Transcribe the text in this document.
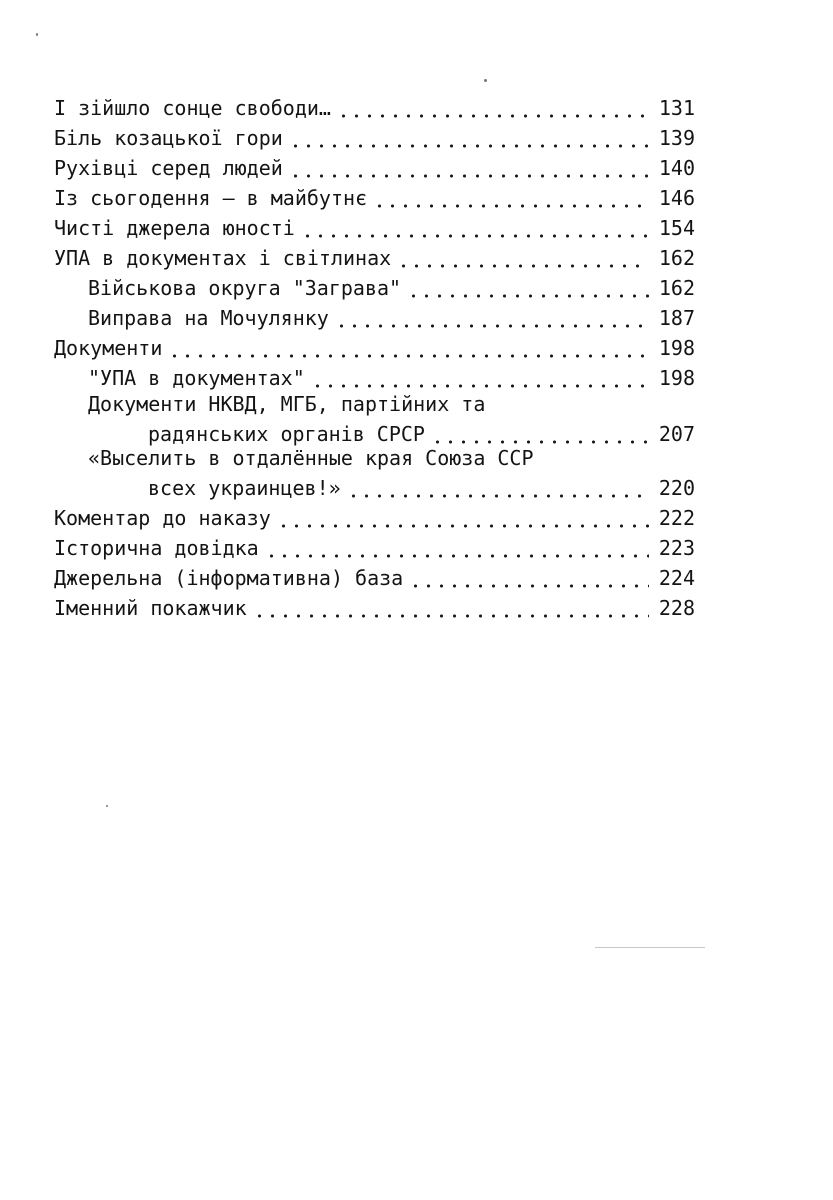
І зійшло сонце свободи…	131
Біль козацької гори	139
Рухівці серед людей	140
Із сьогодення — в майбутнє	146
Чисті джерела юності	154
УПА в документах і світлинах	162
Військова округа "Заграва"	162
Виправа на Мочулянку	187
Документи	198
"УПА в документах"	198
Документи НКВД, МГБ, партійних та
радянських органів СРСР	207
«Выселить в отдалённые края Союза ССР
всех украинцев!»	220
Коментар до наказу	222
Історична довідка	223
Джерельна (інформативна) база	224
Іменний покажчик	228
